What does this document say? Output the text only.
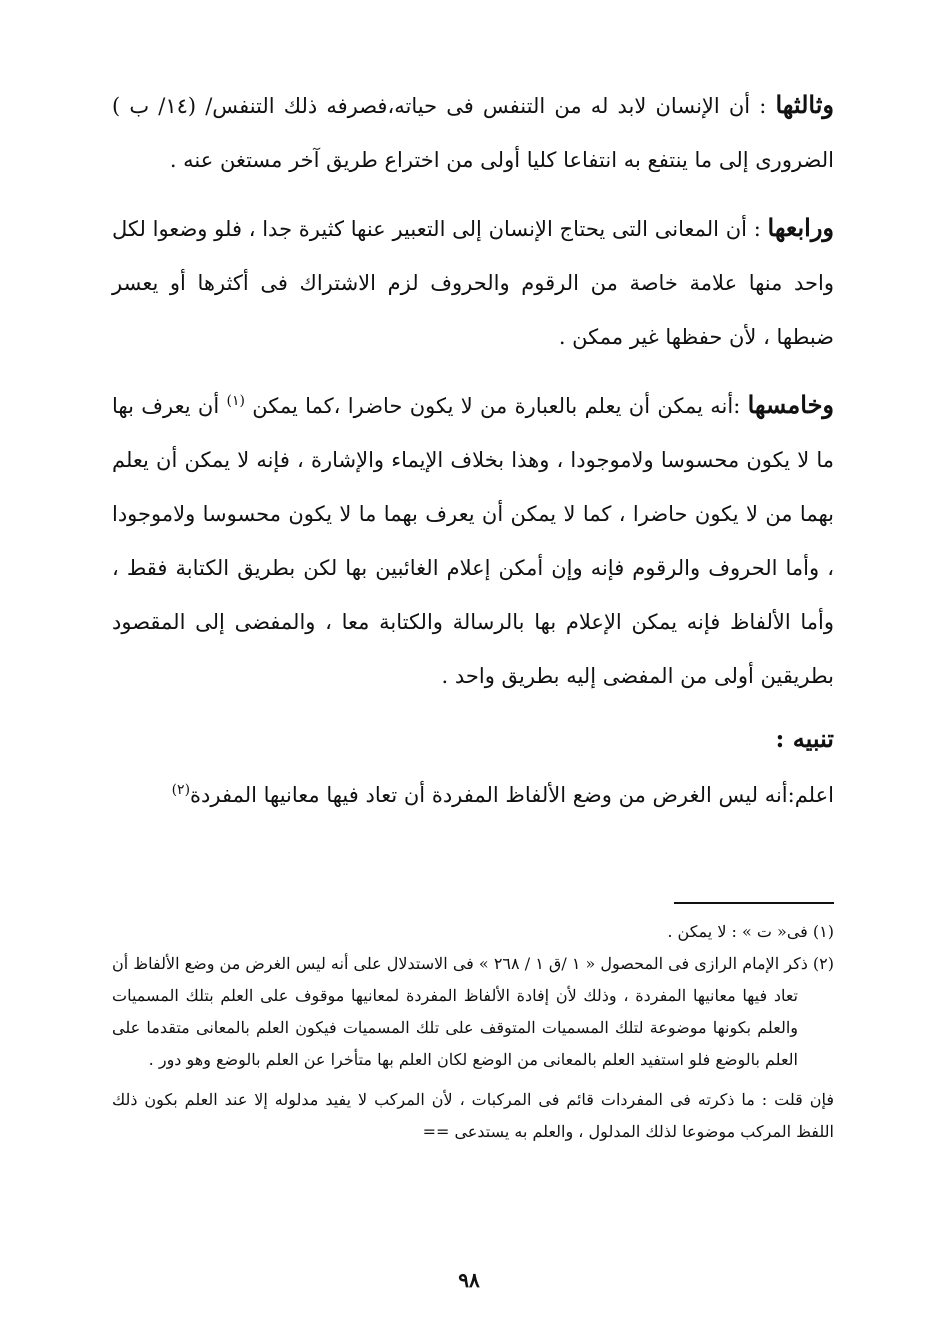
وثالثها : أن الإنسان لابد له من التنفس فى حياته،فصرفه ذلك التنفس/ (١٤/ ب ) الضرورى إلى ما ينتفع به انتفاعا كليا أولى من اختراع طريق آخر مستغن عنه .

ورابعها : أن المعانى التى يحتاج الإنسان إلى التعبير عنها كثيرة جدا ، فلو وضعوا لكل واحد منها علامة خاصة من الرقوم والحروف لزم الاشتراك فى أكثرها أو يعسر ضبطها ، لأن حفظها غير ممكن .

وخامسها :أنه يمكن أن يعلم بالعبارة من لا يكون حاضرا ،كما يمكن $^{(١)}$ أن يعرف بها ما لا يكون محسوسا ولاموجودا ، وهذا بخلاف الإيماء والإشارة ، فإنه لا يمكن أن يعلم بهما من لا يكون حاضرا ، كما لا يمكن أن يعرف بهما ما لا يكون محسوسا ولاموجودا ، وأما الحروف والرقوم فإنه وإن أمكن إعلام الغائبين بها لكن بطريق الكتابة فقط ، وأما الألفاظ فإنه يمكن الإعلام بها بالرسالة والكتابة معا ، والمفضى إلى المقصود بطريقين أولى من المفضى إليه بطريق واحد .

تنبيه :
اعلم:أنه ليس الغرض من وضع الألفاظ المفردة أن تعاد فيها معانيها المفردة$^{(٢)}$

(١) فى« ت » : لا يمكن .

(٢) ذكر الإمام الرازى فى المحصول « ١ /ق ١ / ٢٦٨ » فى الاستدلال على أنه ليس الغرض من وضع الألفاظ أن تعاد فيها معانيها المفردة ، وذلك لأن إفادة الألفاظ المفردة لمعانيها موقوف على العلم بتلك المسميات والعلم بكونها موضوعة لتلك المسميات المتوقف على تلك المسميات فيكون العلم بالمعانى متقدما على العلم بالوضع فلو استفيد العلم بالمعانى من الوضع لكان العلم بها متأخرا عن العلم بالوضع وهو دور .

فإن قلت : ما ذكرته فى المفردات قائم فى المركبات ، لأن المركب لا يفيد مدلوله إلا عند العلم بكون ذلك اللفظ المركب موضوعا لذلك المدلول ، والعلم به يستدعى ==

٩٨
